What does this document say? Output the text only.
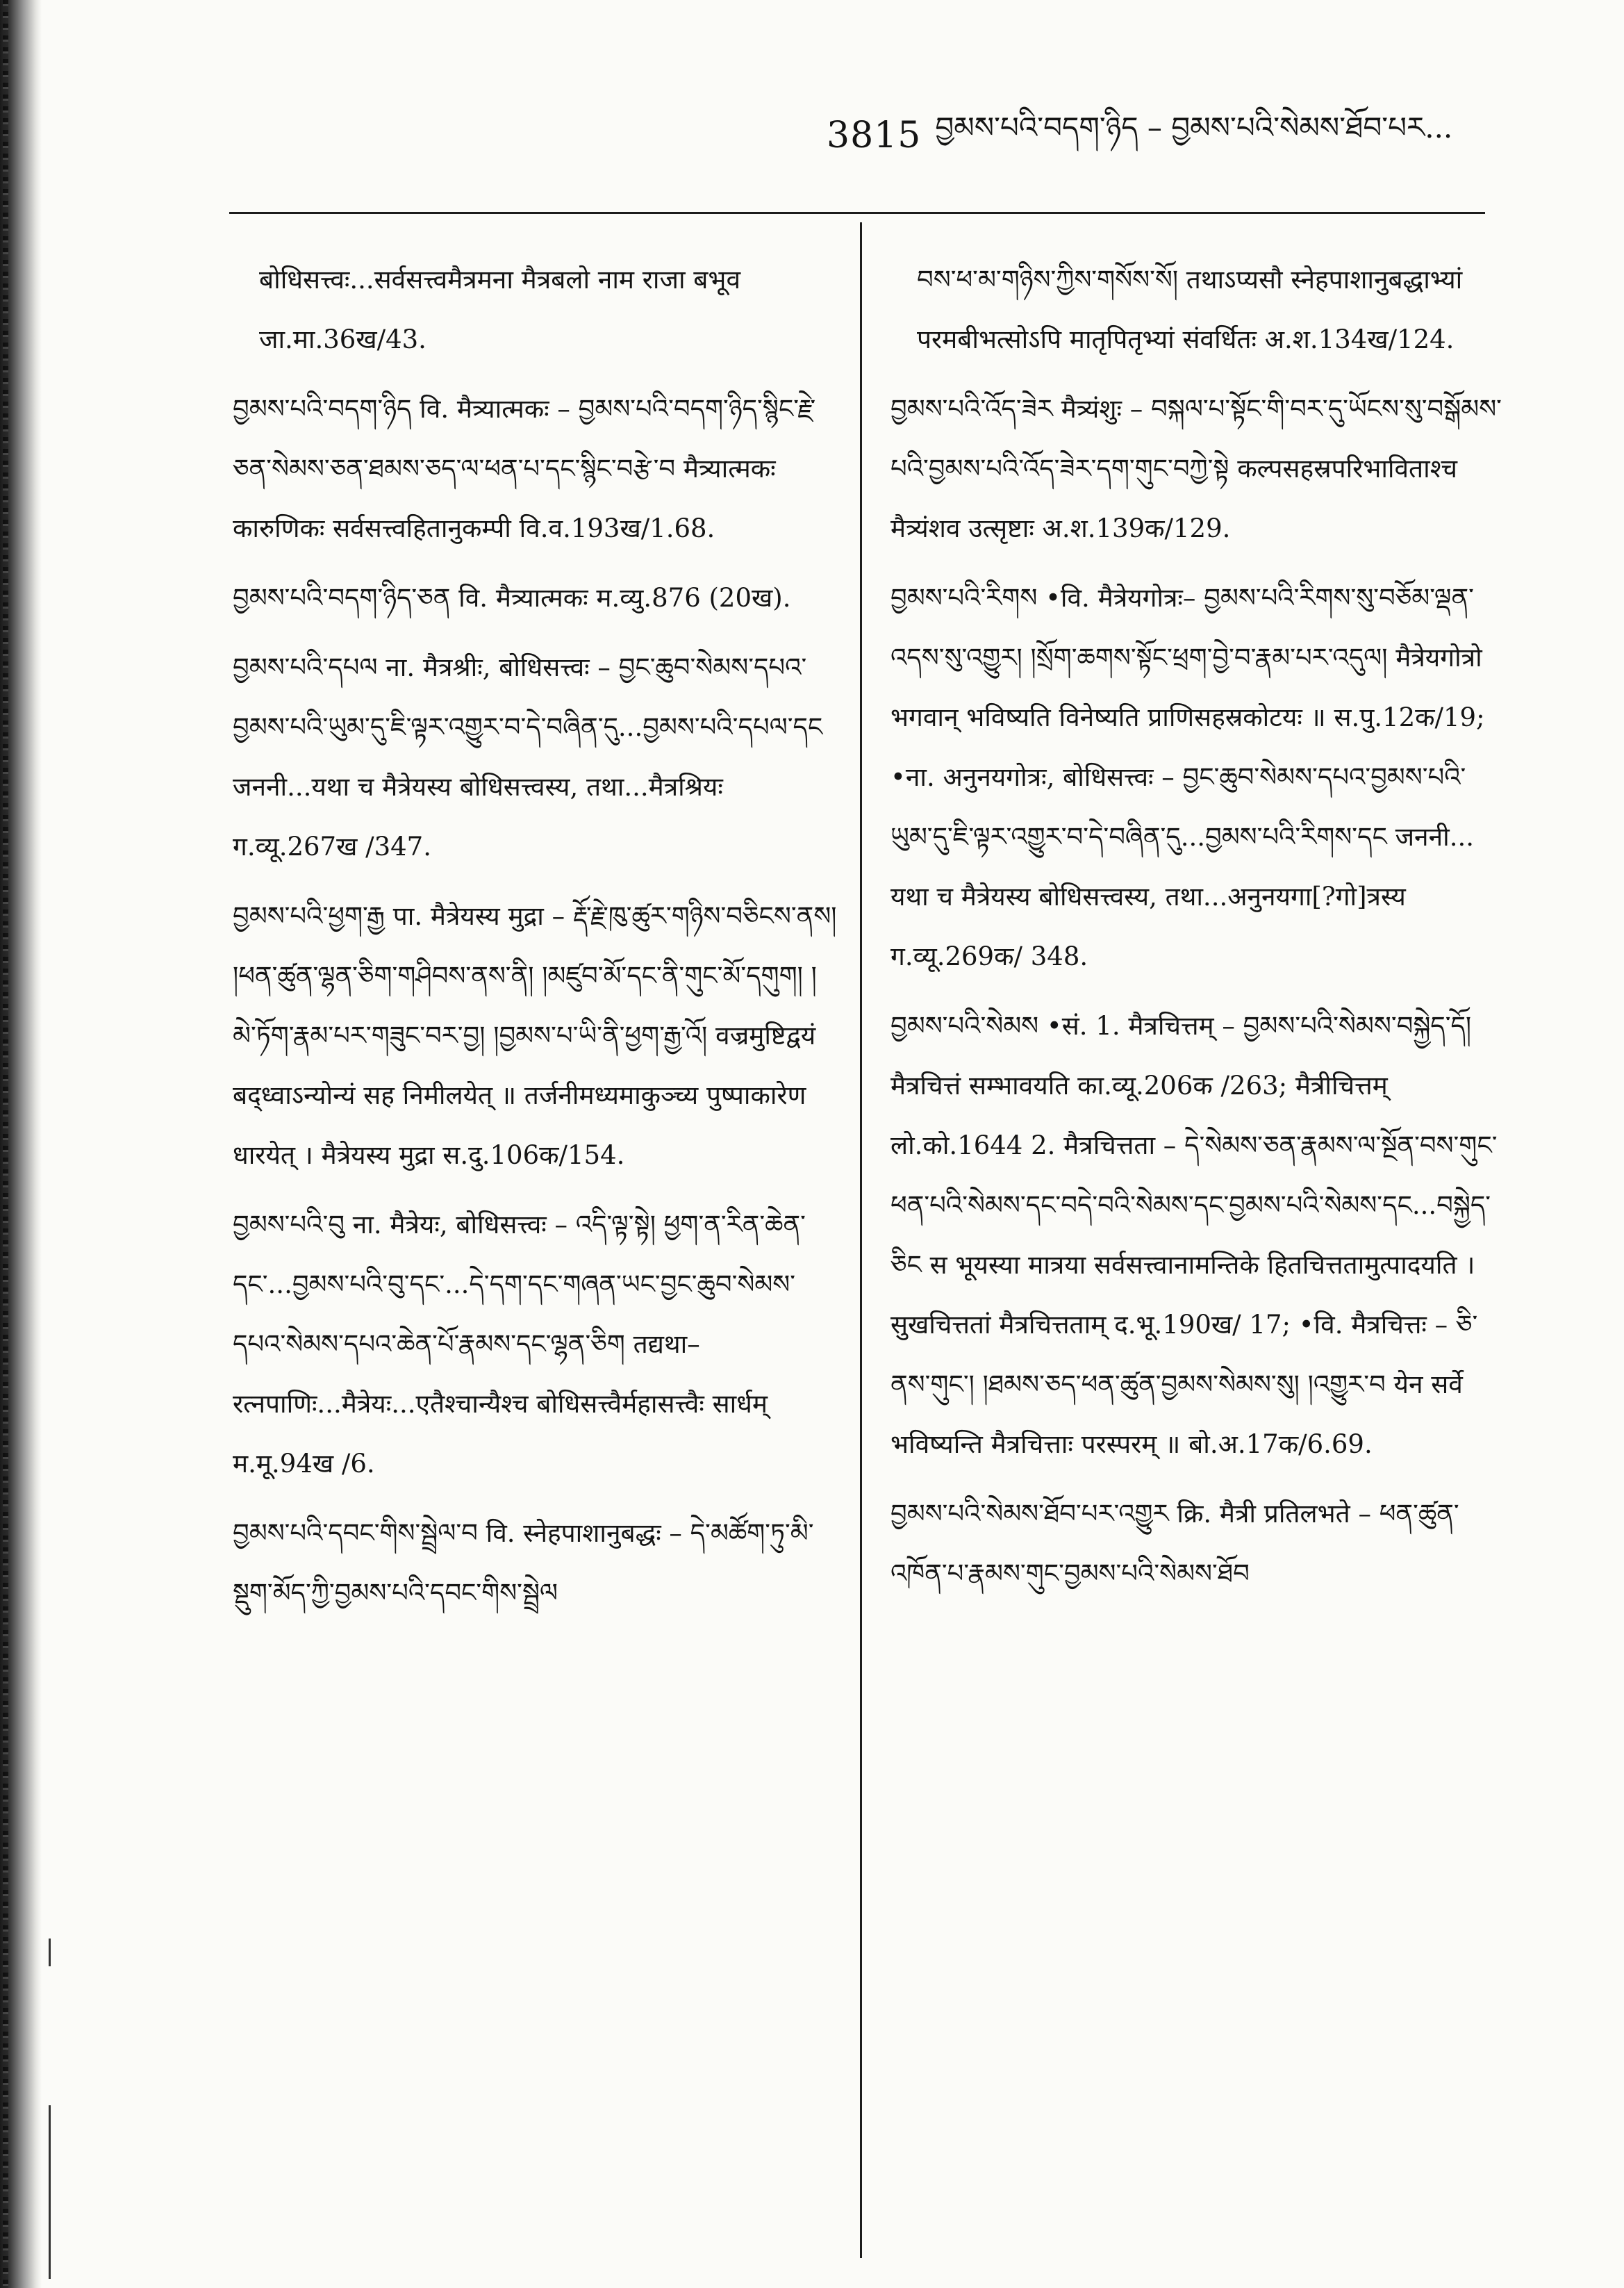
3815 བྱམས་པའི་བདག་ཉིད – བྱམས་པའི་སེམས་ཐོབ་པར...
बोधिसत्त्वः...सर्वसत्त्वमैत्रमना मैत्रबलो नाम राजा बभूव जा.मा.36ख/43.
བྱམས་པའི་བདག་ཉིད वि. मैत्र्यात्मकः – བྱམས་པའི་བདག་ཉིད་སྙིང་རྗེ་ཅན་སེམས་ཅན་ཐམས་ཅད་ལ་ཕན་པ་དང་སྙིང་བརྩེ་བ मैत्र्यात्मकः कारुणिकः सर्वसत्त्वहितानुकम्पी वि.व.193ख/1.68.
བྱམས་པའི་བདག་ཉིད་ཅན वि. मैत्र्यात्मकः म.व्यु.876 (20ख).
བྱམས་པའི་དཔལ ना. मैत्रश्रीः, बोधिसत्त्वः – བྱང་ཆུབ་སེམས་དཔའ་བྱམས་པའི་ཡུམ་དུ་ཇི་ལྟར་འགྱུར་བ་དེ་བཞིན་དུ...བྱམས་པའི་དཔལ་དང जननी...यथा च मैत्रेयस्य बोधिसत्त्वस्य, तथा...मैत्रश्रियः ग.व्यू.267ख /347.
བྱམས་པའི་ཕྱག་རྒྱ पा. मैत्रेयस्य मुद्रा – རྡོ་རྗེ་ཁུ་ཚུར་གཉིས་བཅིངས་ནས། །ཕན་ཚུན་ལྷན་ཅིག་གཤིབས་ནས་ནི། །མཛུབ་མོ་དང་ནི་གུང་མོ་དགུག། །མེ་ཏོག་རྣམ་པར་གཟུང་བར་བྱ། །བྱམས་པ་ཡི་ནི་ཕྱག་རྒྱ་འོ། वज्रमुष्टिद्वयं बद्ध्वाऽन्योन्यं सह निमीलयेत् ॥ तर्जनीमध्यमाकुञ्च्य पुष्पाकारेण धारयेत् । मैत्रेयस्य मुद्रा स.दु.106क/154.
བྱམས་པའི་བུ ना. मैत्रेयः, बोधिसत्त्वः – འདི་ལྟ་སྟེ། ཕྱག་ན་རིན་ཆེན་དང་...བྱམས་པའི་བུ་དང་...དེ་དག་དང་གཞན་ཡང་བྱང་ཆུབ་སེམས་དཔའ་སེམས་དཔའ་ཆེན་པོ་རྣམས་དང་ལྷན་ཅིག तद्यथा–रत्नपाणिः...मैत्रेयः...एतैश्चान्यैश्च बोधिसत्त्वैर्महासत्त्वैः सार्धम् म.मू.94ख /6.
བྱམས་པའི་དབང་གིས་སྦྲེལ་བ वि. स्नेहपाशानुबद्धः – དེ་མཚོག་ཏུ་མི་སྡུག་མོད་ཀྱི་བྱམས་པའི་དབང་གིས་སྦྲེལ
བས་ཕ་མ་གཉིས་ཀྱིས་གསོས་སོ། तथाऽप्यसौ स्नेहपाशानुबद्धाभ्यां परमबीभत्सोऽपि मातृपितृभ्यां संवर्धितः अ.श.134ख/124.
བྱམས་པའི་འོད་ཟེར मैत्र्यंशुः – བསྐལ་པ་སྟོང་གི་བར་དུ་ཡོངས་སུ་བསྒོམས་པའི་བྱམས་པའི་འོད་ཟེར་དག་གུང་བཀྱེ་སྟེ कल्पसहस्रपरिभाविताश्च मैत्र्यंशव उत्सृष्टाः अ.श.139क/129.
བྱམས་པའི་རིགས •वि. मैत्रेयगोत्रः– བྱམས་པའི་རིགས་སུ་བཅོམ་ལྡན་འདས་སུ་འགྱུར། །སྲོག་ཆགས་སྟོང་ཕྲག་བྱེ་བ་རྣམ་པར་འདུལ། मैत्रेयगोत्रो भगवान् भविष्यति विनेष्यति प्राणिसहस्रकोटयः ॥ स.पु.12क/19; •ना. अनुनयगोत्रः, बोधिसत्त्वः – བྱང་ཆུབ་སེམས་དཔའ་བྱམས་པའི་ཡུམ་དུ་ཇི་ལྟར་འགྱུར་བ་དེ་བཞིན་དུ...བྱམས་པའི་རིགས་དང जननी... यथा च मैत्रेयस्य बोधिसत्त्वस्य, तथा...अनुनयगा[?गो]त्रस्य ग.व्यू.269क/ 348.
བྱམས་པའི་སེམས •सं. 1. मैत्रचित्तम् – བྱམས་པའི་སེམས་བསྐྱེད་དོ། मैत्रचित्तं सम्भावयति का.व्यू.206क /263; मैत्रीचित्तम् लो.को.1644 2. मैत्रचित्तता – དེ་སེམས་ཅན་རྣམས་ལ་སྔོན་བས་གུང་ཕན་པའི་སེམས་དང་བདེ་བའི་སེམས་དང་བྱམས་པའི་སེམས་དང...བསྐྱེད་ཅིང स भूयस्या मात्रया सर्वसत्त्वानामन्तिके हितचित्ततामुत्पादयति । सुखचित्ततां मैत्रचित्तताम् द.भू.190ख/ 17; •वि. मैत्रचित्तः – ཅི་ནས་གུང་། །ཐམས་ཅད་ཕན་ཚུན་བྱམས་སེམས་སུ། །འགྱུར་བ येन सर्वे भविष्यन्ति मैत्रचित्ताः परस्परम् ॥ बो.अ.17क/6.69.
བྱམས་པའི་སེམས་ཐོབ་པར་འགྱུར क्रि. मैत्री प्रतिलभते – ཕན་ཚུན་འཁོན་པ་རྣམས་གུང་བྱམས་པའི་སེམས་ཐོབ
